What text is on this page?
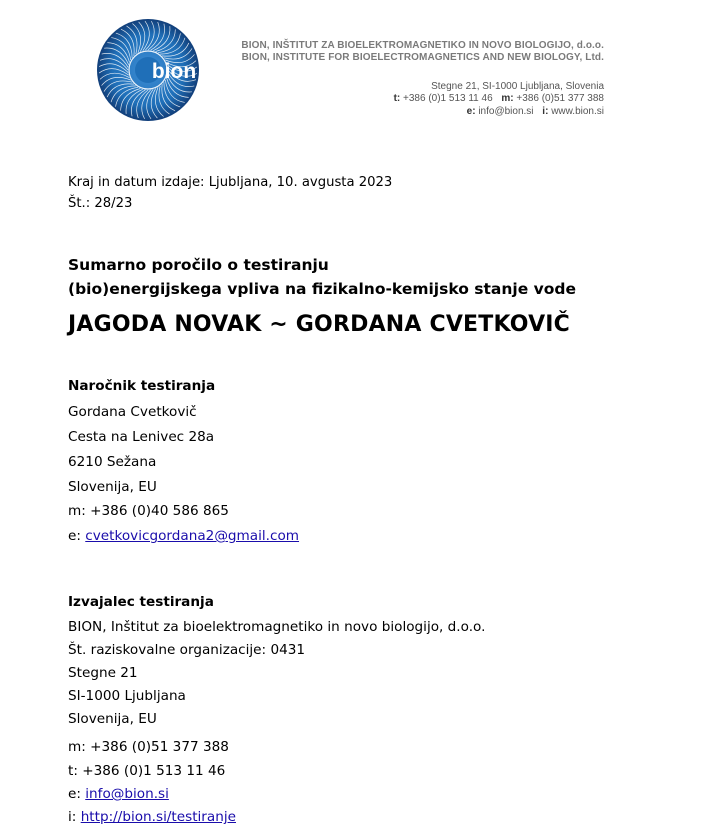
bion
BION, INŠTITUT ZA BIOELEKTROMAGNETIKO IN NOVO BIOLOGIJO, d.o.o.
BION, INSTITUTE FOR BIOELECTROMAGNETICS AND NEW BIOLOGY, Ltd.
Stegne 21, SI-1000 Ljubljana, Slovenia
t: +386 (0)1 513 11 46 m: +386 (0)51 377 388
e: info@bion.si i: www.bion.si
Kraj in datum izdaje: Ljubljana, 10. avgusta 2023
Št.: 28/23
Sumarno poročilo o testiranju
(bio)energijskega vpliva na fizikalno-kemijsko stanje vode
JAGODA NOVAK ~ GORDANA CVETKOVIČ
Naročnik testiranja
Gordana Cvetkovič
Cesta na Lenivec 28a
6210 Sežana
Slovenija, EU
m: +386 (0)40 586 865
e: cvetkovicgordana2@gmail.com
Izvajalec testiranja
BION, Inštitut za bioelektromagnetiko in novo biologijo, d.o.o.
Št. raziskovalne organizacije: 0431
Stegne 21
SI-1000 Ljubljana
Slovenija, EU
m: +386 (0)51 377 388
t: +386 (0)1 513 11 46
e: info@bion.si
i: http://bion.si/testiranje
